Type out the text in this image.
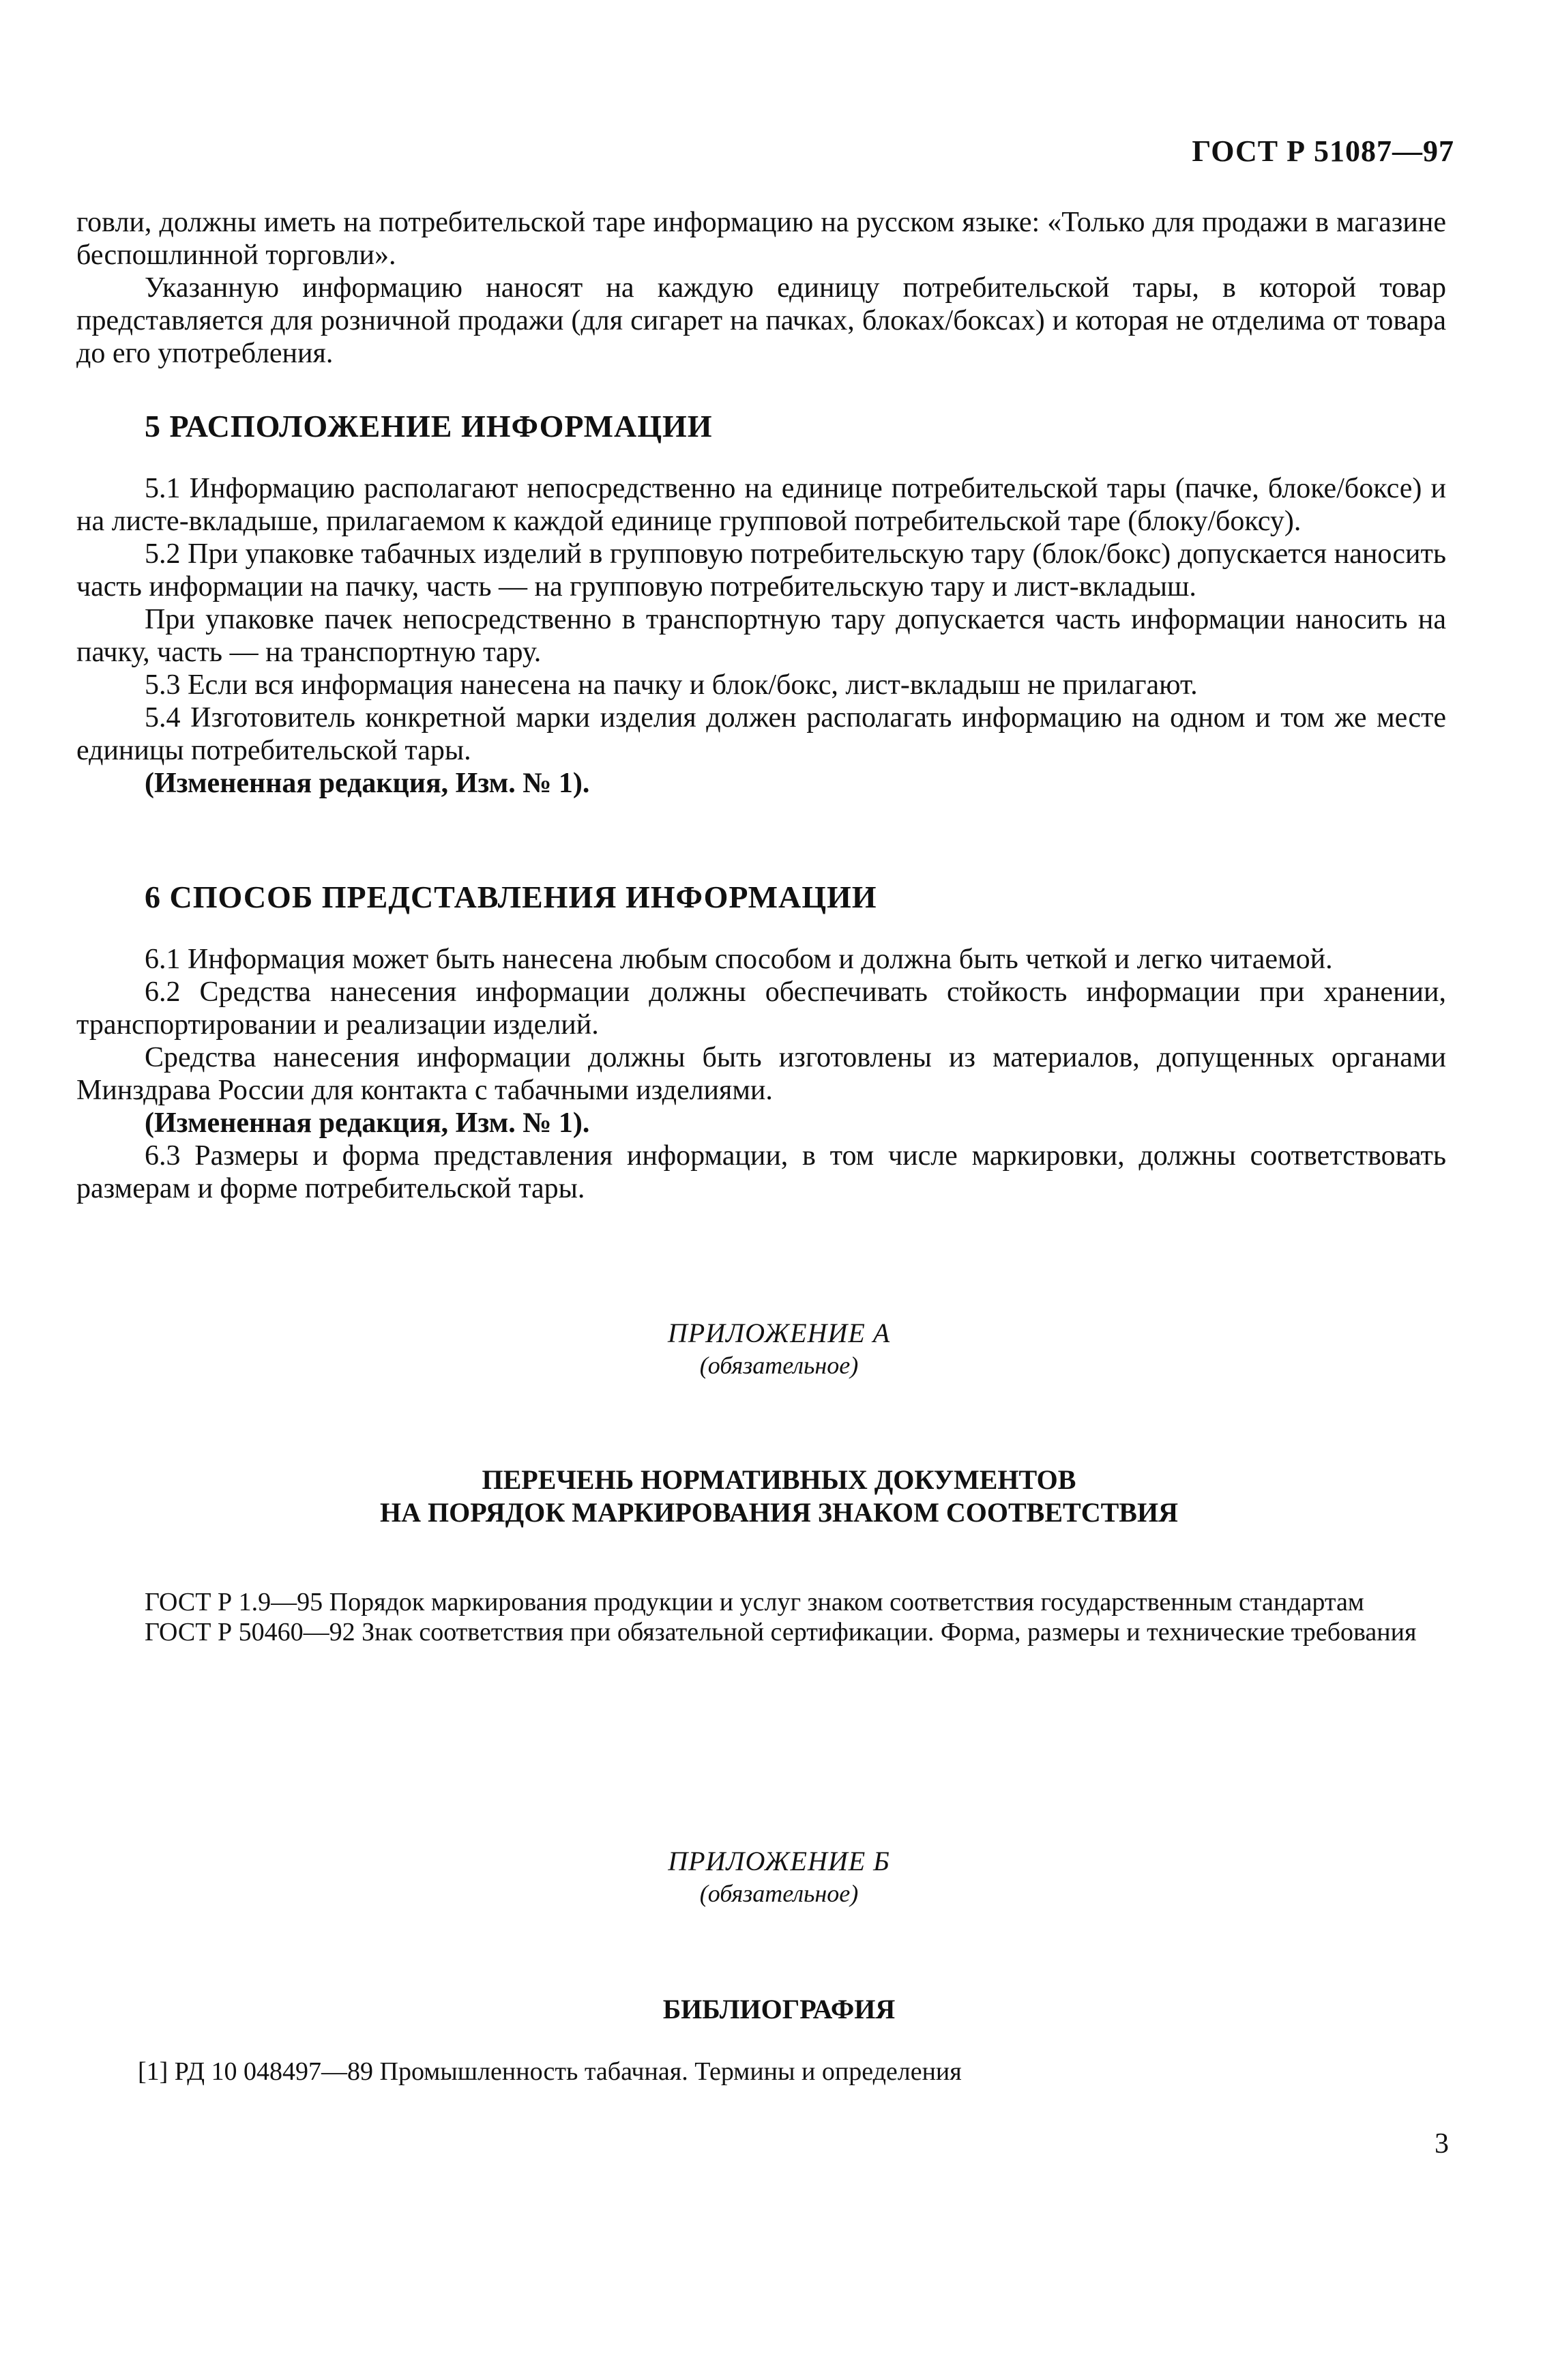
ГОСТ Р 51087—97

говли, должны иметь на потребительской таре информацию на русском языке: «Только для продажи в магазине беспошлинной торговли».

Указанную информацию наносят на каждую единицу потребительской тары, в которой товар представляется для розничной продажи (для сигарет на пачках, блоках/боксах) и которая не отделима от товара до его употребления.

5 РАСПОЛОЖЕНИЕ ИНФОРМАЦИИ

5.1 Информацию располагают непосредственно на единице потребительской тары (пачке, блоке/боксе) и на листе-вкладыше, прилагаемом к каждой единице групповой потребительской таре (блоку/боксу).

5.2 При упаковке табачных изделий в групповую потребительскую тару (блок/бокс) допускается наносить часть информации на пачку, часть — на групповую потребительскую тару и лист-вкладыш.

При упаковке пачек непосредственно в транспортную тару допускается часть информации наносить на пачку, часть — на транспортную тару.

5.3 Если вся информация нанесена на пачку и блок/бокс, лист-вкладыш не прилагают.

5.4 Изготовитель конкретной марки изделия должен располагать информацию на одном и том же месте единицы потребительской тары.

(Измененная редакция, Изм. № 1).

6 СПОСОБ ПРЕДСТАВЛЕНИЯ ИНФОРМАЦИИ

6.1 Информация может быть нанесена любым способом и должна быть четкой и легко читаемой.

6.2 Средства нанесения информации должны обеспечивать стойкость информации при хранении, транспортировании и реализации изделий.

Средства нанесения информации должны быть изготовлены из материалов, допущенных органами Минздрава России для контакта с табачными изделиями.

(Измененная редакция, Изм. № 1).

6.3 Размеры и форма представления информации, в том числе маркировки, должны соответствовать размерам и форме потребительской тары.

ПРИЛОЖЕНИЕ А
(обязательное)
ПЕРЕЧЕНЬ НОРМАТИВНЫХ ДОКУМЕНТОВ
НА ПОРЯДОК МАРКИРОВАНИЯ ЗНАКОМ СООТВЕТСТВИЯ

ГОСТ Р 1.9—95 Порядок маркирования продукции и услуг знаком соответствия государственным стандартам

ГОСТ Р 50460—92 Знак соответствия при обязательной сертификации. Форма, размеры и технические требования

ПРИЛОЖЕНИЕ Б
(обязательное)
БИБЛИОГРАФИЯ

[1] РД 10 048497—89 Промышленность табачная. Термины и определения

3
